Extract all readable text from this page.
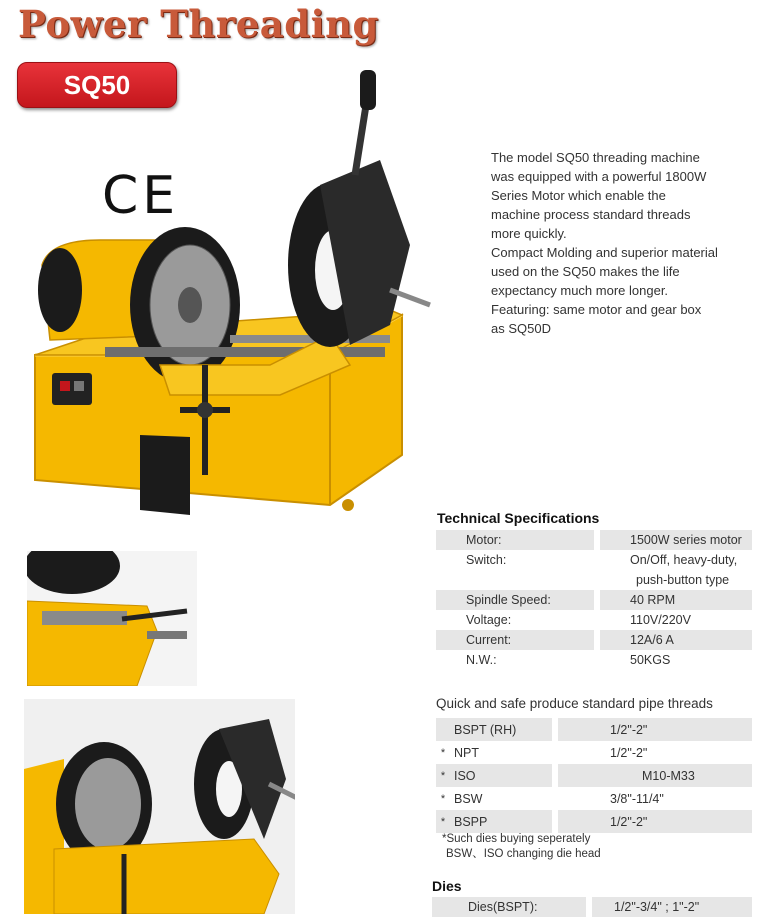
Power Threading
SQ50
CE

The model SQ50 threading machine

was equipped with a powerful 1800W

Series Motor which enable the

machine process standard threads

more quickly.

Compact Molding and superior material

used on the SQ50 makes the life

expectancy much more longer.

Featuring: same motor and gear box

as SQ50D

Technical Specifications
Motor:		1500W series motor
Switch:		On/Off, heavy-duty,
		push-button type
Spindle Speed:		40 RPM
Voltage:		110V/220V
Current:		12A/6 A
N.W.:		50KGS
Quick and safe produce standard pipe threads
	BSPT (RH)		1/2"-2"
*	NPT		1/2"-2"
*	ISO		M10-M33
*	BSW		3/8"-11/4"
*	BSPP		1/2"-2"

*Such dies buying seperately

BSW、ISO changing die head

Dies
Dies(BSPT):		1/2"-3/4" ; 1"-2"
